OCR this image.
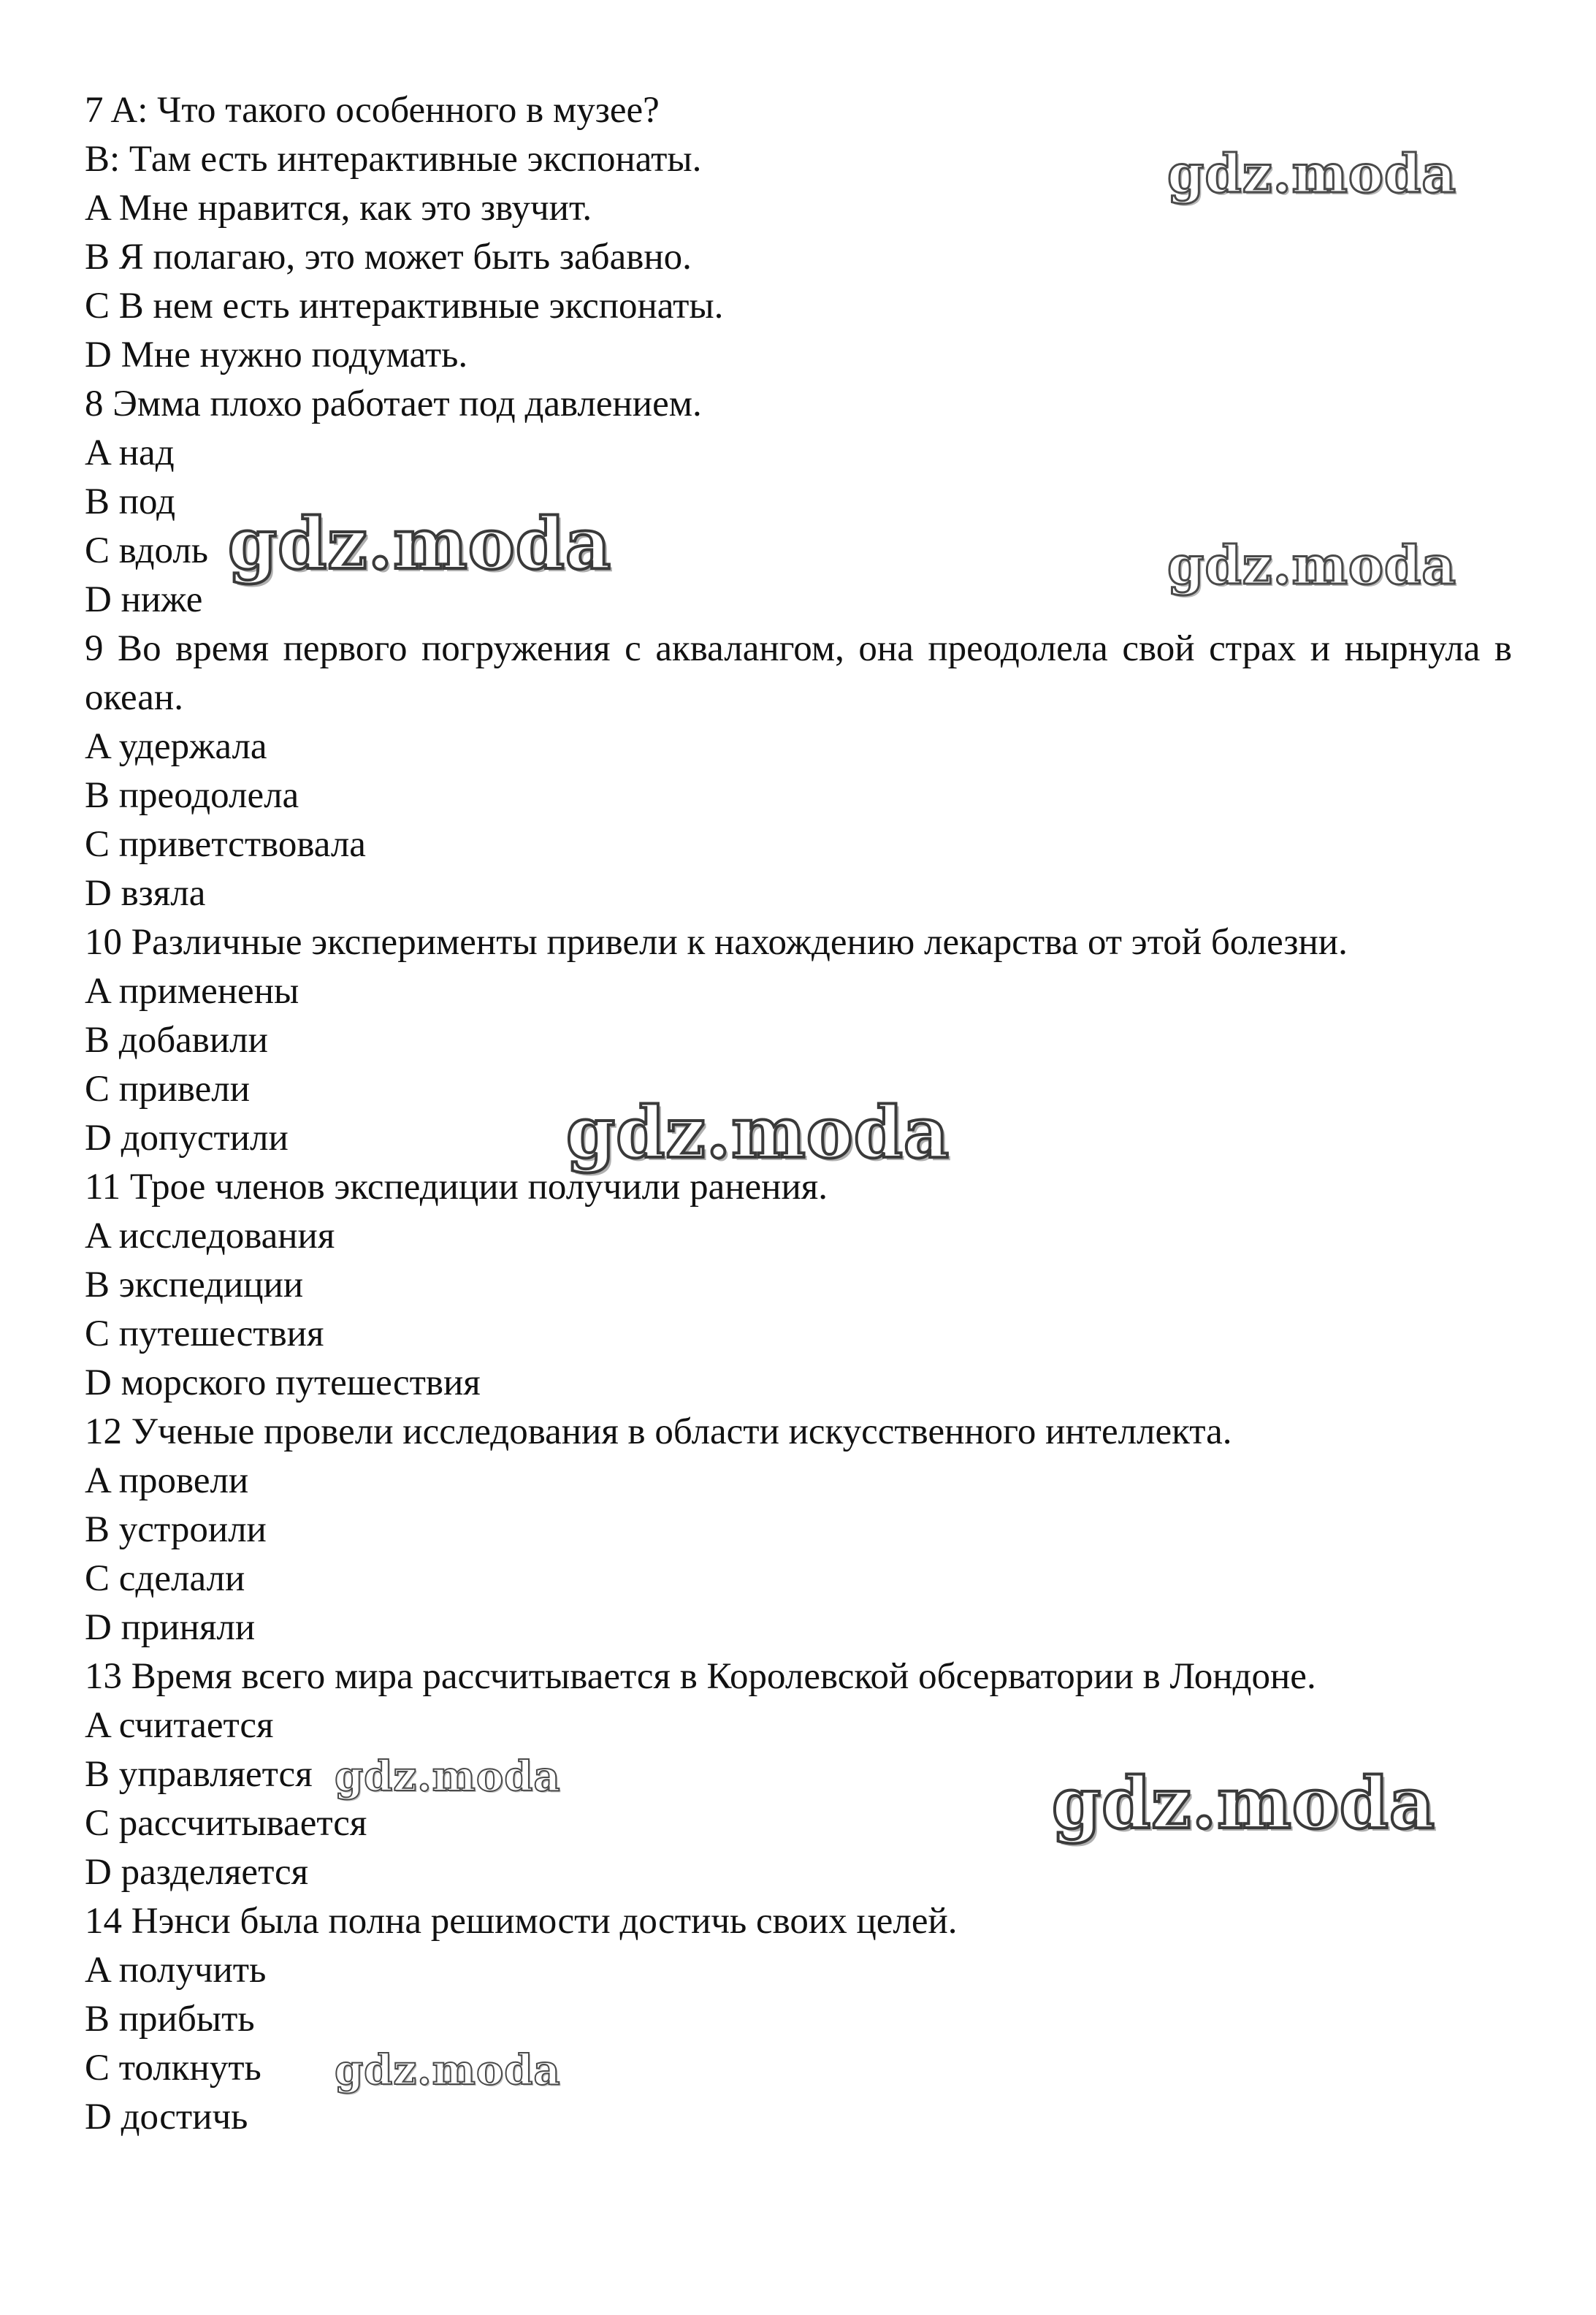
7 A: Что такого особенного в музее?
B: Там есть интерактивные экспонаты.
A Мне нравится, как это звучит.
B Я полагаю, это может быть забавно.
C В нем есть интерактивные экспонаты.
D Мне нужно подумать.
8 Эмма плохо работает под давлением.
A над
B под
C вдоль
D ниже
9 Во время первого погружения с аквалангом, она преодолела свой страх и нырнула в океан.
A удержала
B преодолела
C приветствовала
D взяла
10 Различные эксперименты привели к нахождению лекарства от этой болезни.
A применены
B добавили
C привели
D допустили
11 Трое членов экспедиции получили ранения.
A исследования
B экспедиции
C путешествия
D морского путешествия
12 Ученые провели исследования в области искусственного интеллекта.
A провели
B устроили
C сделали
D приняли
13 Время всего мира рассчитывается в Королевской обсерватории в Лондоне.
A считается
B управляется
C рассчитывается
D разделяется
14 Нэнси была полна решимости достичь своих целей.
A получить
B прибыть
C толкнуть
D достичь
gdz.moda
gdz.moda	gdz.moda
gdz.moda
gdz.moda	gdz.moda
gdz.moda
